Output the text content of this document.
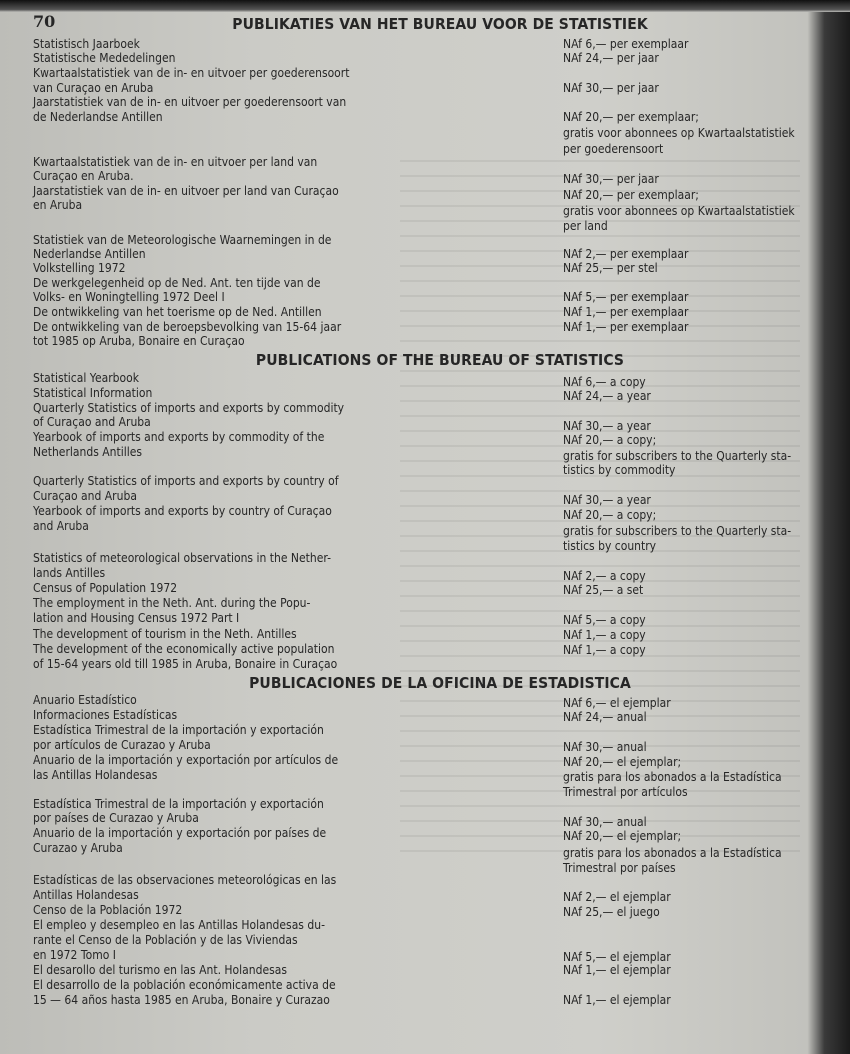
70	PUBLIKATIES VAN HET BUREAU VOOR DE STATISTIEK
PUBLICATIONS OF THE BUREAU OF STATISTICS
PUBLICACIONES DE LA OFICINA DE ESTADISTICA
Statistisch Jaarboek
Statistische Mededelingen
Kwartaalstatistiek van de in- en uitvoer per goederensoort
van Curaçao en Aruba
Jaarstatistiek van de in- en uitvoer per goederensoort van
de Nederlandse Antillen
Kwartaalstatistiek van de in- en uitvoer per land van
Curaçao en Aruba.
Jaarstatistiek van de in- en uitvoer per land van Curaçao
en Aruba
Statistiek van de Meteorologische Waarnemingen in de
Nederlandse Antillen
Volkstelling 1972
De werkgelegenheid op de Ned. Ant. ten tijde van de
Volks- en Woningtelling 1972 Deel I
De ontwikkeling van het toerisme op de Ned. Antillen
De ontwikkeling van de beroepsbevolking van 15-64 jaar
tot 1985 op Aruba, Bonaire en Curaçao
NAf 6,— per exemplaar
NAf 24,— per jaar
NAf 30,— per jaar
NAf 20,— per exemplaar;
gratis voor abonnees op Kwartaalstatistiek
per goederensoort
NAf 30,— per jaar
NAf 20,— per exemplaar;
gratis voor abonnees op Kwartaalstatistiek
per land
NAf 2,— per exemplaar
NAf 25,— per stel
NAf 5,— per exemplaar
NAf 1,— per exemplaar
NAf 1,— per exemplaar
Statistical Yearbook
Statistical Information
Quarterly Statistics of imports and exports by commodity
of Curaçao and Aruba
Yearbook of imports and exports by commodity of the
Netherlands Antilles
Quarterly Statistics of imports and exports by country of
Curaçao and Aruba
Yearbook of imports and exports by country of Curaçao
and Aruba
Statistics of meteorological observations in the Nether-
lands Antilles
Census of Population 1972
The employment in the Neth. Ant. during the Popu-
lation and Housing Census 1972 Part I
The development of tourism in the Neth. Antilles
The development of the economically active population
of 15-64 years old till 1985 in Aruba, Bonaire in Curaçao
NAf 6,— a copy
NAf 24,— a year
NAf 30,— a year
NAf 20,— a copy;
gratis for subscribers to the Quarterly sta-
tistics by commodity
NAf 30,— a year
NAf 20,— a copy;
gratis for subscribers to the Quarterly sta-
tistics by country
NAf 2,— a copy
NAf 25,— a set
NAf 5,— a copy
NAf 1,— a copy
NAf 1,— a copy
Anuario Estadístico
Informaciones Estadísticas
Estadística Trimestral de la importación y exportación
por artículos de Curazao y Aruba
Anuario de la importación y exportación por artículos de
las Antillas Holandesas
Estadística Trimestral de la importación y exportación
por países de Curazao y Aruba
Anuario de la importación y exportación por países de
Curazao y Aruba
Estadísticas de las observaciones meteorológicas en las
Antillas Holandesas
Censo de la Población 1972
El empleo y desempleo en las Antillas Holandesas du-
rante el Censo de la Población y de las Viviendas
en 1972 Tomo I
El desarollo del turismo en las Ant. Holandesas
El desarrollo de la población económicamente activa de
15 — 64 años hasta 1985 en Aruba, Bonaire y Curazao
NAf 6,— el ejemplar
NAf 24,— anual
NAf 30,— anual
NAf 20,— el ejemplar;
gratis para los abonados a la Estadística
Trimestral por artículos
NAf 30,— anual
NAf 20,— el ejemplar;
gratis para los abonados a la Estadística
Trimestral por países
NAf 2,— el ejemplar
NAf 25,— el juego
NAf 5,— el ejemplar
NAf 1,— el ejemplar
NAf 1,— el ejemplar
